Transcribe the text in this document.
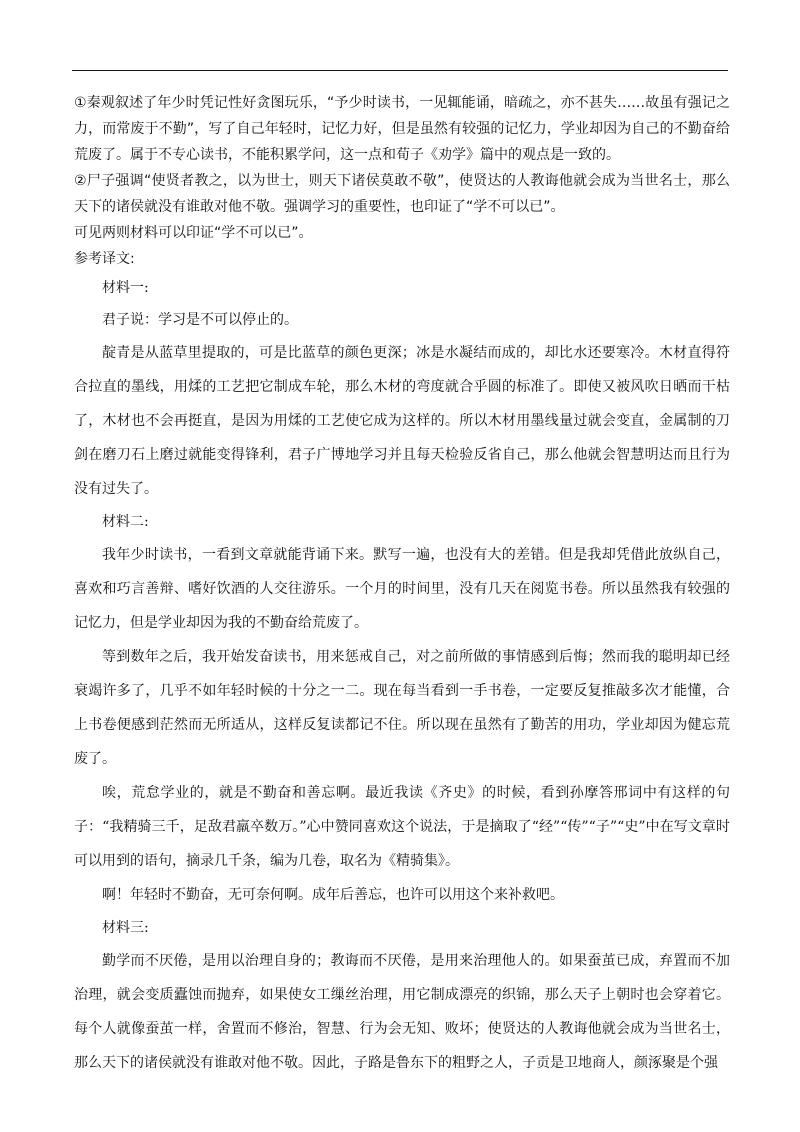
①秦观叙述了年少时凭记性好贪图玩乐，“予少时读书，一见辄能诵，暗疏之，亦不甚失……故虽有强记之力，而常废于不勤”，写了自己年轻时，记忆力好，但是虽然有较强的记忆力，学业却因为自己的不勤奋给荒废了。属于不专心读书，不能积累学问，这一点和荀子《劝学》篇中的观点是一致的。

②尸子强调“使贤者教之，以为世士，则天下诸侯莫敢不敬”，使贤达的人教诲他就会成为当世名士，那么天下的诸侯就没有谁敢对他不敬。强调学习的重要性，也印证了“学不可以已”。

可见两则材料可以印证“学不可以已”。

参考译文:

材料一:

君子说：学习是不可以停止的。

靛青是从蓝草里提取的，可是比蓝草的颜色更深；冰是水凝结而成的，却比水还要寒冷。木材直得符合拉直的墨线，用煣的工艺把它制成车轮，那么木材的弯度就合乎圆的标准了。即使又被风吹日晒而干枯了，木材也不会再挺直，是因为用煣的工艺使它成为这样的。所以木材用墨线量过就会变直，金属制的刀剑在磨刀石上磨过就能变得锋利，君子广博地学习并且每天检验反省自己，那么他就会智慧明达而且行为没有过失了。

材料二:

我年少时读书，一看到文章就能背诵下来。默写一遍，也没有大的差错。但是我却凭借此放纵自己，喜欢和巧言善辩、嗜好饮酒的人交往游乐。一个月的时间里，没有几天在阅览书卷。所以虽然我有较强的记忆力，但是学业却因为我的不勤奋给荒废了。

等到数年之后，我开始发奋读书，用来惩戒自己，对之前所做的事情感到后悔；然而我的聪明却已经衰竭许多了，几乎不如年轻时候的十分之一二。现在每当看到一手书卷，一定要反复推敲多次才能懂，合上书卷便感到茫然而无所适从，这样反复读都记不住。所以现在虽然有了勤苦的用功，学业却因为健忘荒废了。

唉，荒怠学业的，就是不勤奋和善忘啊。最近我读《齐史》的时候，看到孙摩答邢词中有这样的句子：“我精骑三千，足敌君羸卒数万。”心中赞同喜欢这个说法，于是摘取了“经”“传”“子”“史”中在写文章时可以用到的语句，摘录几千条，编为几卷，取名为《精骑集》。

啊！年轻时不勤奋，无可奈何啊。成年后善忘，也许可以用这个来补救吧。

材料三:

勤学而不厌倦，是用以治理自身的；教诲而不厌倦，是用来治理他人的。如果蚕茧已成，弃置而不加治理，就会变质蠹蚀而抛弃，如果使女工缫丝治理，用它制成漂亮的织锦，那么天子上朝时也会穿着它。每个人就像蚕茧一样，舍置而不修治，智慧、行为会无知、败坏；使贤达的人教诲他就会成为当世名士，那么天下的诸侯就没有谁敢对他不敬。因此，子路是鲁东下的粗野之人，子贡是卫地商人，颜涿聚是个强
